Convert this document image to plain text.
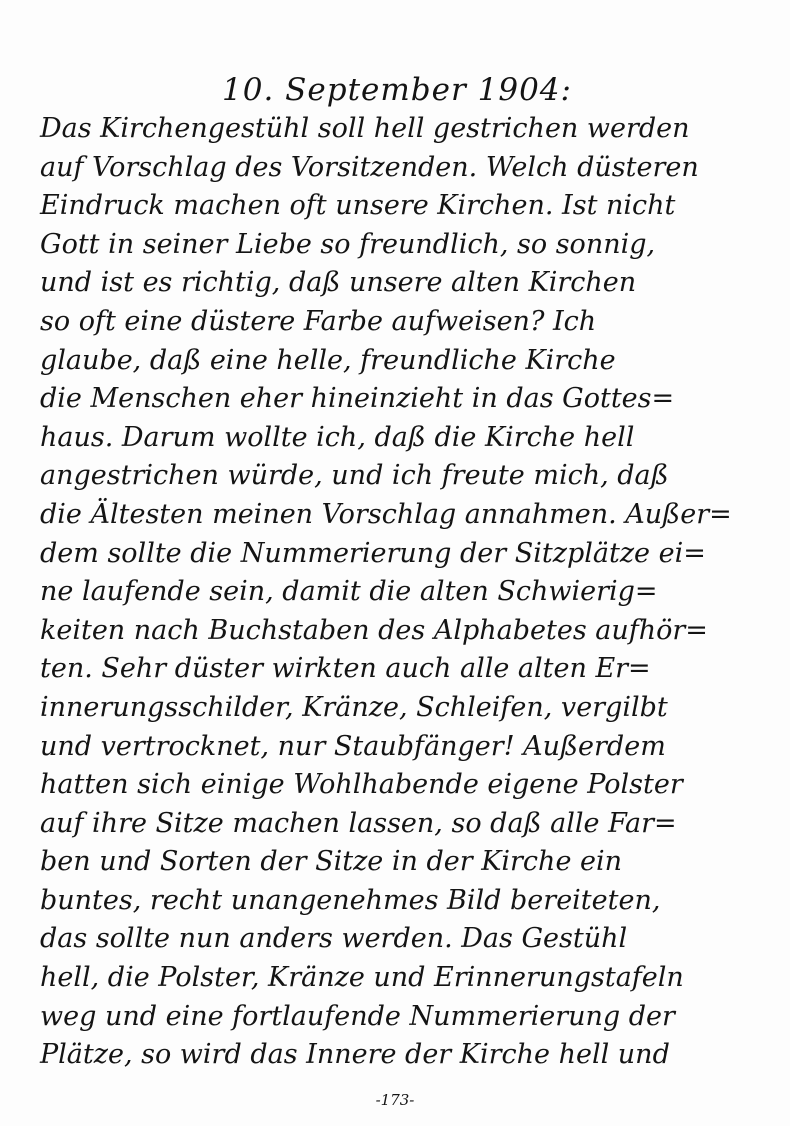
10. September 1904:
Das Kirchengestühl soll hell gestrichen werden
auf Vorschlag des Vorsitzenden. Welch düsteren
Eindruck machen oft unsere Kirchen. Ist nicht
Gott in seiner Liebe so freundlich, so sonnig,
und ist es richtig, daß unsere alten Kirchen
so oft eine düstere Farbe aufweisen? Ich
glaube, daß eine helle, freundliche Kirche
die Menschen eher hineinzieht in das Gottes=
haus. Darum wollte ich, daß die Kirche hell
angestrichen würde, und ich freute mich, daß
die Ältesten meinen Vorschlag annahmen. Außer=
dem sollte die Nummerierung der Sitzplätze ei=
ne laufende sein, damit die alten Schwierig=
keiten nach Buchstaben des Alphabetes aufhör=
ten. Sehr düster wirkten auch alle alten Er=
innerungsschilder, Kränze, Schleifen, vergilbt
und vertrocknet, nur Staubfänger! Außerdem
hatten sich einige Wohlhabende eigene Polster
auf ihre Sitze machen lassen, so daß alle Far=
ben und Sorten der Sitze in der Kirche ein
buntes, recht unangenehmes Bild bereiteten,
das sollte nun anders werden. Das Gestühl
hell, die Polster, Kränze und Erinnerungstafeln
weg und eine fortlaufende Nummerierung der
Plätze, so wird das Innere der Kirche hell und
-173-
